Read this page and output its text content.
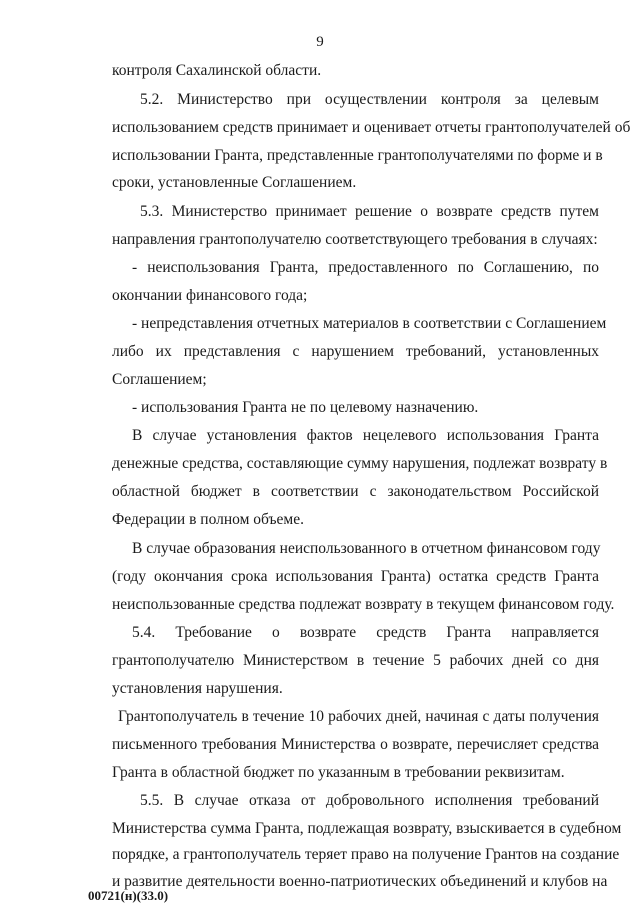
9
контроля Сахалинской области.
5.2. Министерство при осуществлении контроля за целевым
использованием средств принимает и оценивает отчеты грантополучателей об
использовании Гранта, представленные грантополучателями по форме и в
сроки, установленные Соглашением.
5.3. Министерство принимает решение о возврате средств путем
направления грантополучателю соответствующего требования в случаях:
- неиспользования Гранта, предоставленного по Соглашению, по
окончании финансового года;
- непредставления отчетных материалов в соответствии с Соглашением
либо их представления с нарушением требований, установленных
Соглашением;
- использования Гранта не по целевому назначению.
В случае установления фактов нецелевого использования Гранта
денежные средства, составляющие сумму нарушения, подлежат возврату в
областной бюджет в соответствии с законодательством Российской
Федерации в полном объеме.
В случае образования неиспользованного в отчетном финансовом году
(году окончания срока использования Гранта) остатка средств Гранта
неиспользованные средства подлежат возврату в текущем финансовом году.
5.4. Требование о возврате средств Гранта направляется
грантополучателю Министерством в течение 5 рабочих дней со дня
установления нарушения.
Грантополучатель в течение 10 рабочих дней, начиная с даты получения
письменного требования Министерства о возврате, перечисляет средства
Гранта в областной бюджет по указанным в требовании реквизитам.
5.5. В случае отказа от добровольного исполнения требований
Министерства сумма Гранта, подлежащая возврату, взыскивается в судебном
порядке, а грантополучатель теряет право на получение Грантов на создание
и развитие деятельности военно-патриотических объединений и клубов на
00721(н)(33.0)
